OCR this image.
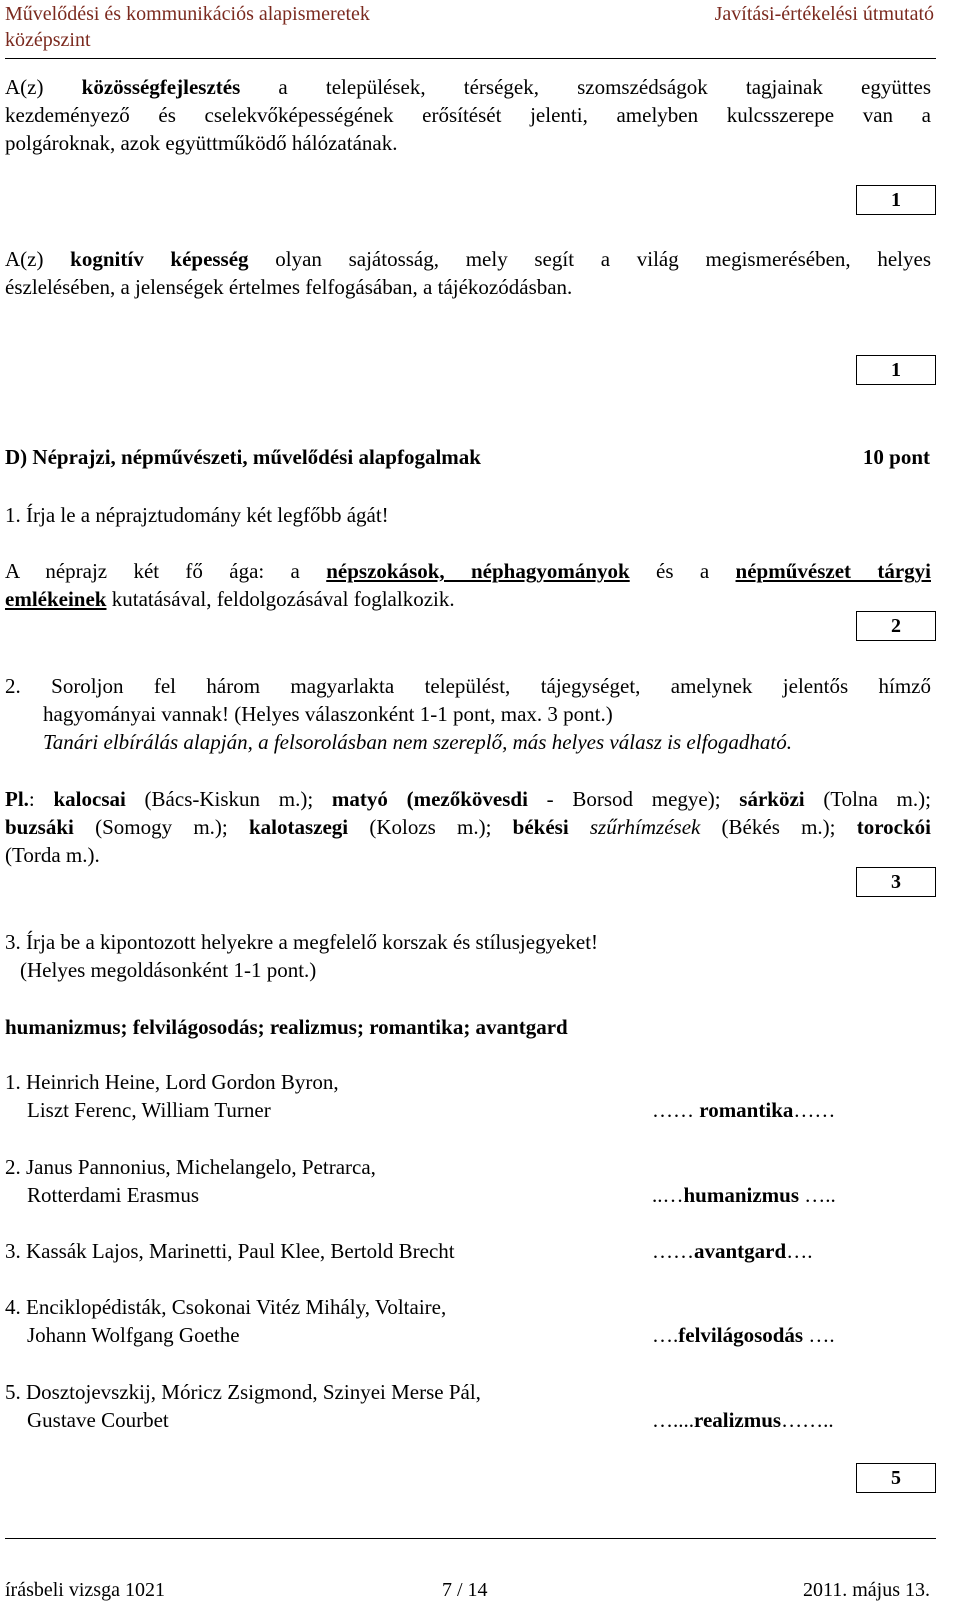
Művelődési és kommunikációs alapismeretek
középszint
Javítási-értékelési útmutató
A(z) közösségfejlesztés a települések, térségek, szomszédságok tagjainak együttes
kezdeményező és cselekvőképességének erősítését jelenti, amelyben kulcsszerepe van a
polgároknak, azok együttműködő hálózatának.
1
A(z) kognitív képesség olyan sajátosság, mely segít a világ megismerésében, helyes
észlelésében, a jelenségek értelmes felfogásában, a tájékozódásban.
1
D) Néprajzi, népművészeti, művelődési alapfogalmak	10 pont
1. Írja le a néprajztudomány két legfőbb ágát!
A néprajz két fő ága: a népszokások, néphagyományok és a népművészet tárgyi
emlékeinek kutatásával, feldolgozásával foglalkozik.
2
2. Soroljon fel három magyarlakta települést, tájegységet, amelynek jelentős hímző
hagyományai vannak! (Helyes válaszonként 1-1 pont, max. 3 pont.)
Tanári elbírálás alapján, a felsorolásban nem szereplő, más helyes válasz is elfogadható.
Pl.: kalocsai (Bács-Kiskun m.); matyó (mezőkövesdi - Borsod megye); sárközi (Tolna m.);
buzsáki (Somogy m.); kalotaszegi (Kolozs m.); békési szűrhímzések (Békés m.); torockói
(Torda m.).
3
3. Írja be a kipontozott helyekre a megfelelő korszak és stílusjegyeket!
(Helyes megoldásonként 1-1 pont.)
humanizmus; felvilágosodás; realizmus; romantika; avantgard
1. Heinrich Heine, Lord Gordon Byron,
Liszt Ferenc, William Turner	…… romantika……
2. Janus Pannonius, Michelangelo, Petrarca,
Rotterdami Erasmus	..…humanizmus …..
3. Kassák Lajos, Marinetti, Paul Klee, Bertold Brecht	……avantgard….
4. Enciklopédisták, Csokonai Vitéz Mihály, Voltaire,
Johann Wolfgang Goethe	….felvilágosodás ….
5. Dosztojevszkij, Móricz Zsigmond, Szinyei Merse Pál,
Gustave Courbet	…....realizmus……..
5
írásbeli vizsga 1021	7 / 14	2011. május 13.
